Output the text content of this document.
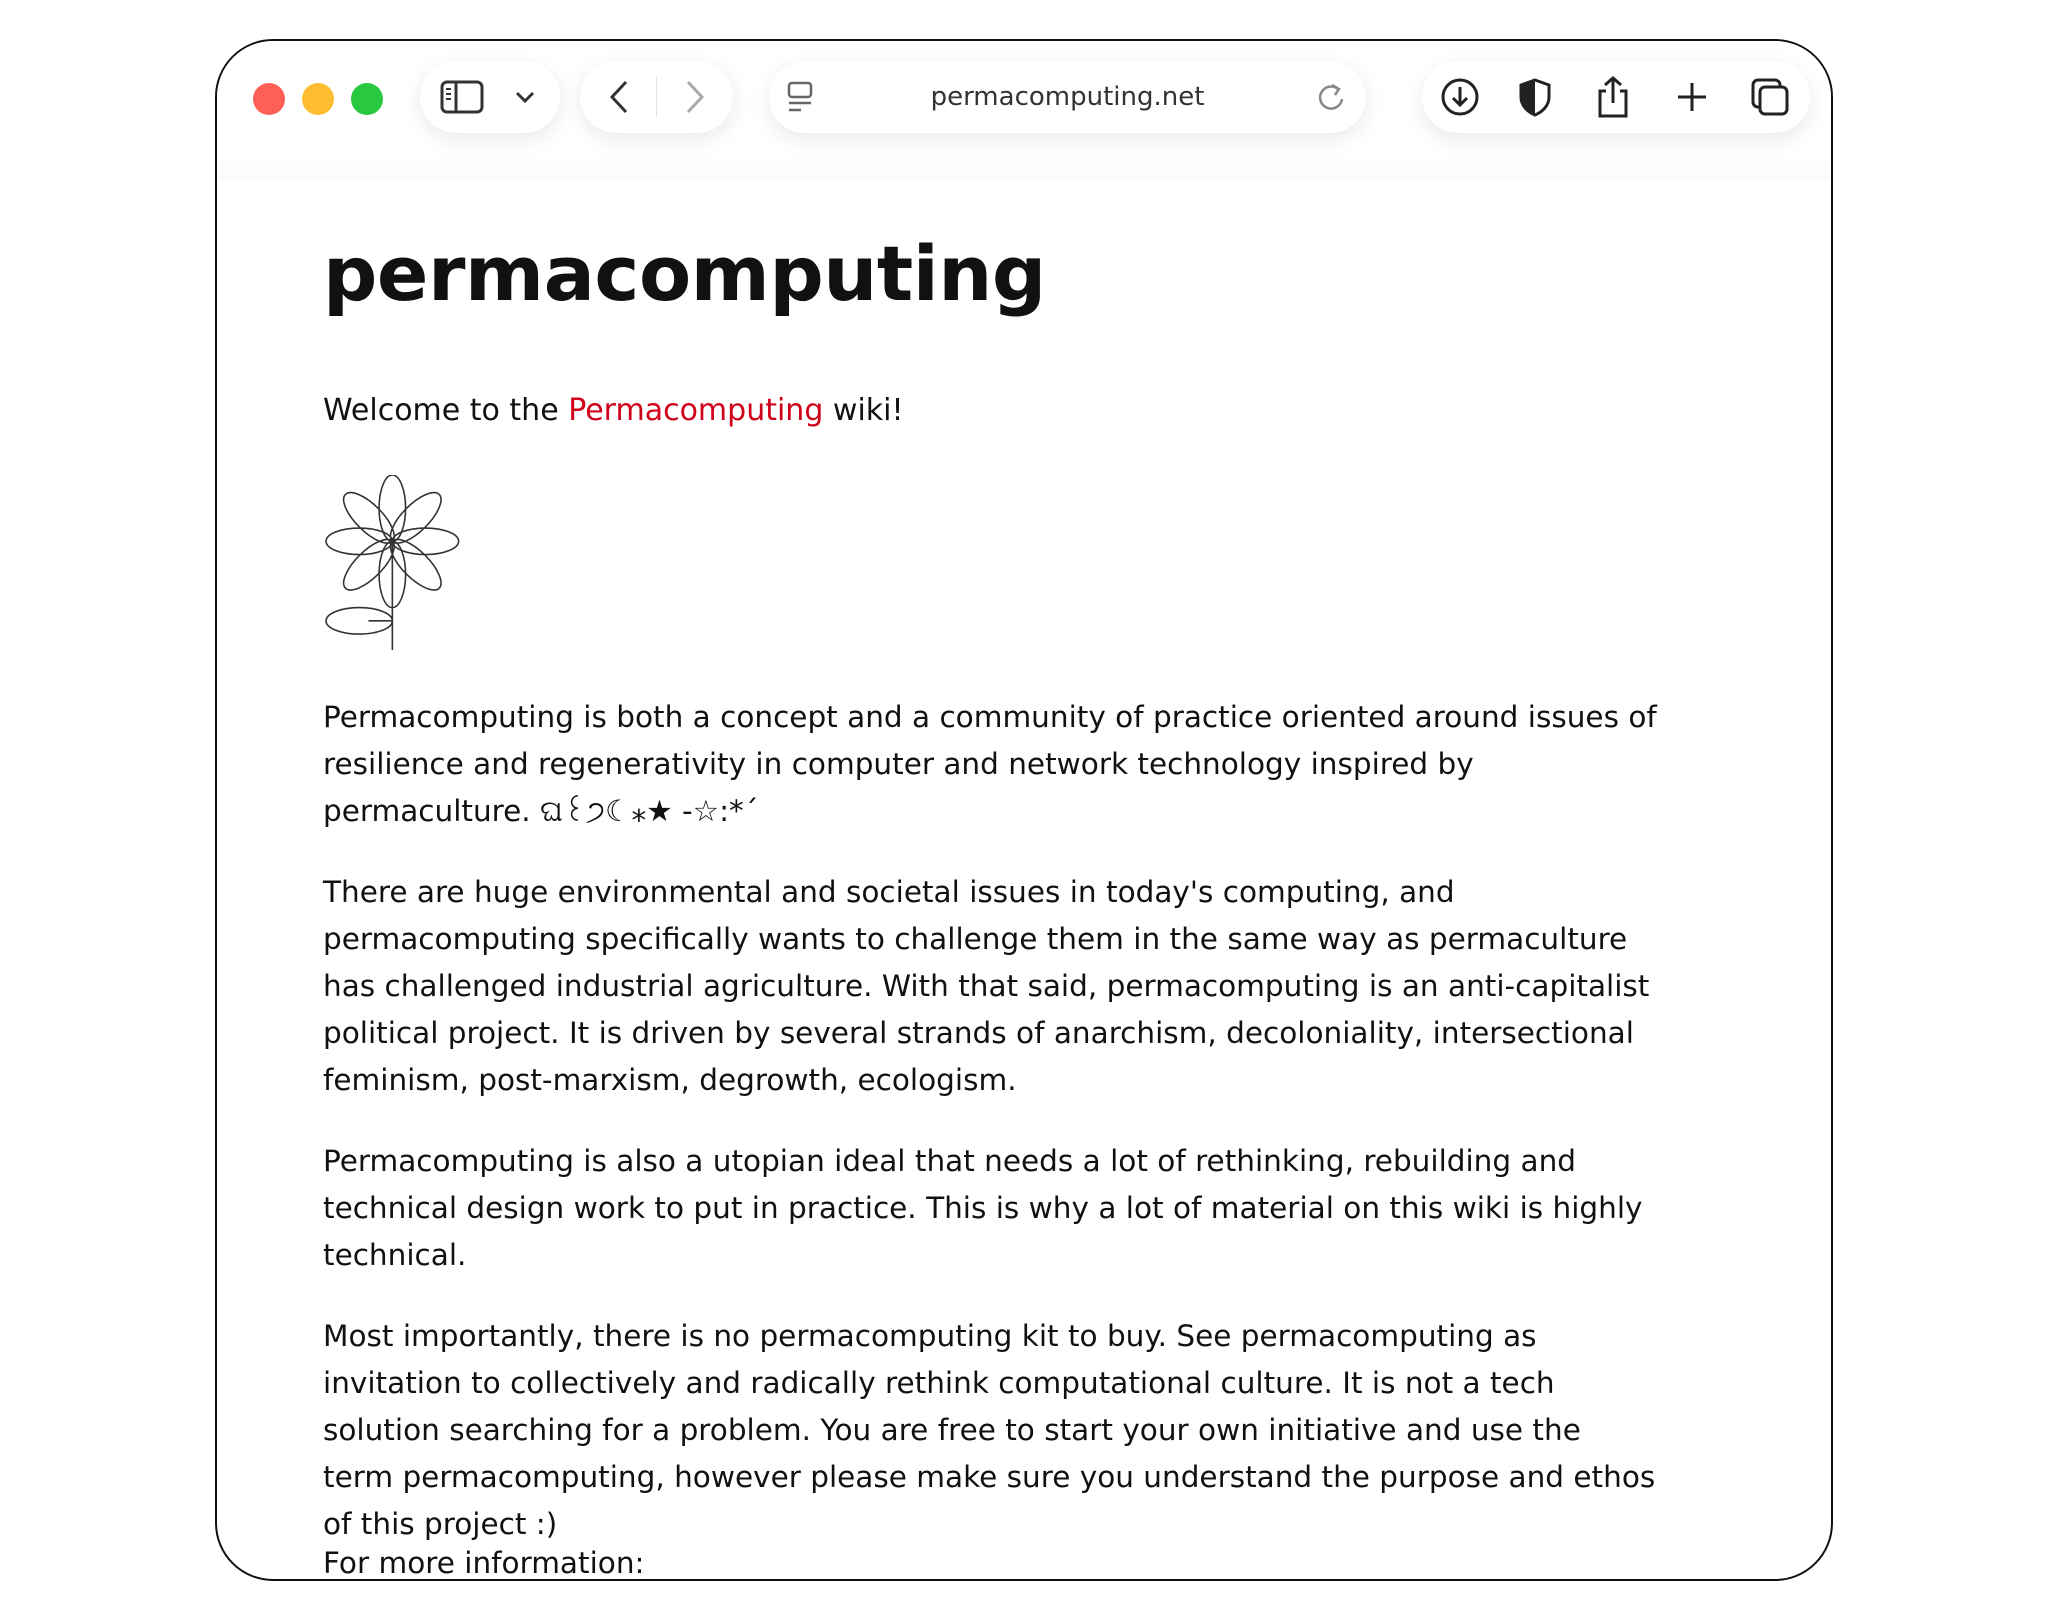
permacomputing.net
permacomputing
Welcome to the Permacomputing wiki!
Permacomputing is both a concept and a community of practice oriented around issues of
resilience and regenerativity in computer and network technology inspired by
permaculture. ଘ꒰੭☾⁎★ -☆:*´
There are huge environmental and societal issues in today's computing, and
permacomputing specifically wants to challenge them in the same way as permaculture
has challenged industrial agriculture. With that said, permacomputing is an anti-capitalist
political project. It is driven by several strands of anarchism, decoloniality, intersectional
feminism, post-marxism, degrowth, ecologism.
Permacomputing is also a utopian ideal that needs a lot of rethinking, rebuilding and
technical design work to put in practice. This is why a lot of material on this wiki is highly
technical.
Most importantly, there is no permacomputing kit to buy. See permacomputing as
invitation to collectively and radically rethink computational culture. It is not a tech
solution searching for a problem. You are free to start your own initiative and use the
term permacomputing, however please make sure you understand the purpose and ethos
of this project :)
For more information:
